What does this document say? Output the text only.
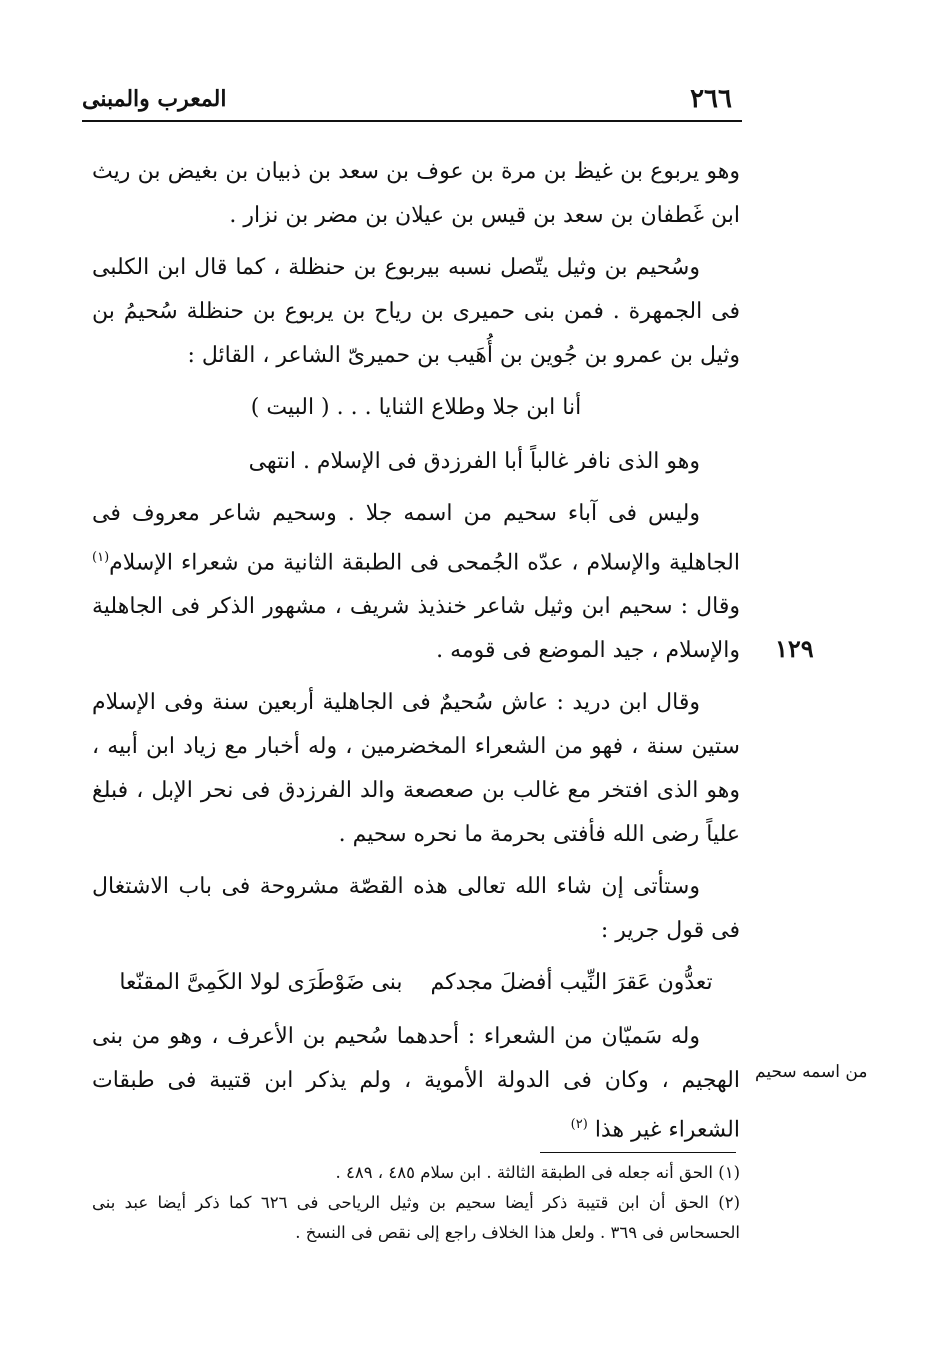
٢٦٦
المعرب والمبنى

وهو يربوع بن غيظ بن مرة بن عوف بن سعد بن ذبيان بن بغيض بن ريث ابن غَطفان بن سعد بن قيس بن عيلان بن مضر بن نزار .

وسُحيم بن وثيل يتّصل نسبه بيربوع بن حنظلة ، كما قال ابن الكلبى فى الجمهرة . فمن بنى حميرى بن رياح بن يربوع بن حنظلة سُحيمُ بن وثيل بن عمرو بن جُوين بن أُهَيب بن حميرىّ الشاعر ، القائل :

أنا ابن جلا وطلاع الثنايا . . . ( البيت )

وهو الذى نافر غالباً أبا الفرزدق فى الإسلام . انتهى

وليس فى آباء سحيم من اسمه جلا . وسحيم شاعر معروف فى الجاهلية والإسلام ، عدّه الجُمحى فى الطبقة الثانية من شعراء الإسلام$^{(١)}$ وقال : سحيم ابن وثيل شاعر خنذيذ شريف ، مشهور الذكر فى الجاهلية والإسلام ، جيد الموضع فى قومه .

وقال ابن دريد : عاش سُحيمٌ فى الجاهلية أربعين سنة وفى الإسلام ستين سنة ، فهو من الشعراء المخضرمين ، وله أخبار مع زياد ابن أبيه ، وهو الذى افتخر مع غالب بن صعصعة والد الفرزدق فى نحر الإبل ، فبلغ علياً رضى الله فأفتى بحرمة ما نحره سحيم .

وستأتى إن شاء الله تعالى هذه القصّة مشروحة فى باب الاشتغال فى قول جرير :

تعدُّون عَقرَ النِّيب أفضلَ مجدكم    بنى ضَوْطَرَى لولا الكَمِىَّ المقنّعا

وله سَميّان من الشعراء : أحدهما سُحيم بن الأعرف ، وهو من بنى الهجيم ، وكان فى الدولة الأموية ، ولم يذكر ابن قتيبة فى طبقات الشعراء غير هذا $^{(٢)}$

١٢٩
من اسمه سحيم

(١) الحق أنه جعله فى الطبقة الثالثة . ابن سلام ٤٨٥ ، ٤٨٩ .

(٢) الحق أن ابن قتيبة ذكر أيضا سحيم بن وثيل الرياحى فى ٦٢٦ كما ذكر أيضا عبد بنى الحسحاس فى ٣٦٩ . ولعل هذا الخلاف راجع إلى نقص فى النسخ .
